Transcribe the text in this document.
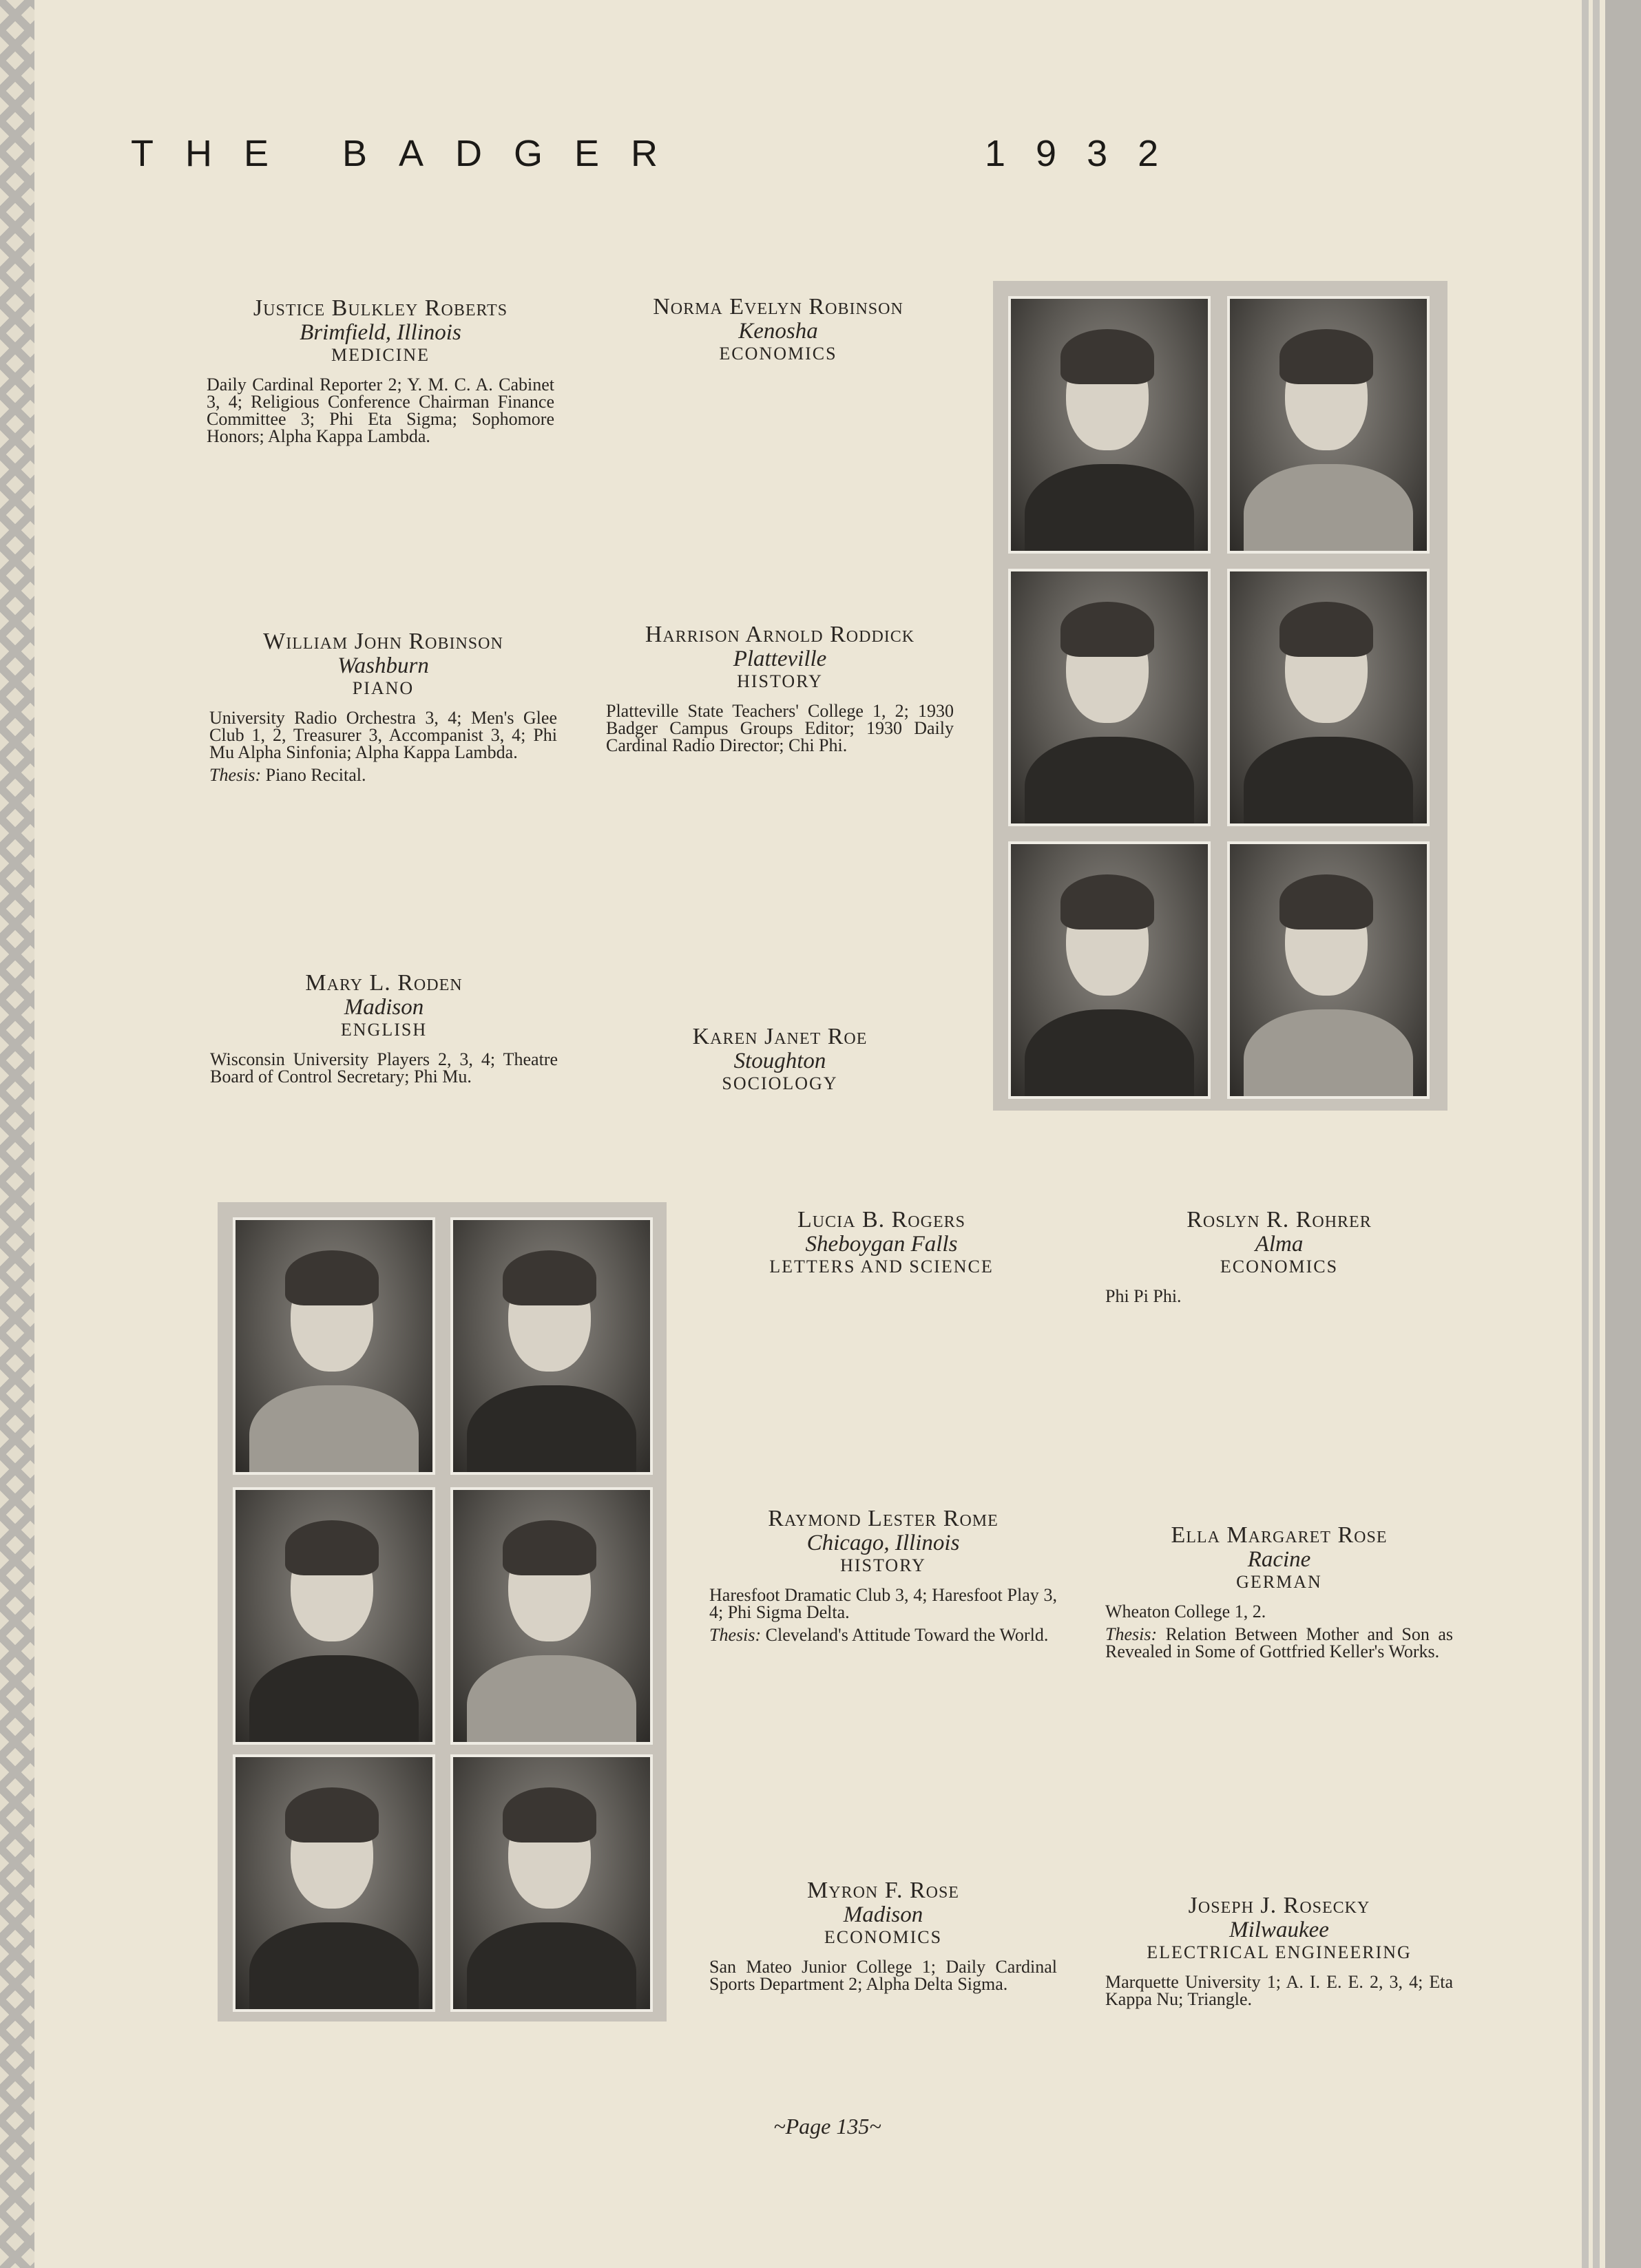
THE BADGER	1932
Justice Bulkley Roberts
Brimfield, Illinois
MEDICINE
Daily Cardinal Reporter 2; Y. M. C. A. Cabinet 3, 4; Religious Conference Chairman Finance Committee 3; Phi Eta Sigma; Sophomore Honors; Alpha Kappa Lambda.
Norma Evelyn Robinson
Kenosha
ECONOMICS
William John Robinson
Washburn
PIANO
University Radio Orchestra 3, 4; Men's Glee Club 1, 2, Treasurer 3, Accompanist 3, 4; Phi Mu Alpha Sinfonia; Alpha Kappa Lambda.
Thesis: Piano Recital.
Harrison Arnold Roddick
Platteville
HISTORY
Platteville State Teachers' College 1, 2; 1930 Badger Campus Groups Editor; 1930 Daily Cardinal Radio Director; Chi Phi.
Mary L. Roden
Madison
ENGLISH
Wisconsin University Players 2, 3, 4; Theatre Board of Control Secretary; Phi Mu.
Karen Janet Roe
Stoughton
SOCIOLOGY
Lucia B. Rogers
Sheboygan Falls
LETTERS AND SCIENCE
Roslyn R. Rohrer
Alma
ECONOMICS
Phi Pi Phi.
Raymond Lester Rome
Chicago, Illinois
HISTORY
Haresfoot Dramatic Club 3, 4; Haresfoot Play 3, 4; Phi Sigma Delta.
Thesis: Cleveland's Attitude Toward the World.
Ella Margaret Rose
Racine
GERMAN
Wheaton College 1, 2.
Thesis: Relation Between Mother and Son as Revealed in Some of Gottfried Keller's Works.
Myron F. Rose
Madison
ECONOMICS
San Mateo Junior College 1; Daily Cardinal Sports Department 2; Alpha Delta Sigma.
Joseph J. Rosecky
Milwaukee
ELECTRICAL ENGINEERING
Marquette University 1; A. I. E. E. 2, 3, 4; Eta Kappa Nu; Triangle.
~Page 135~
